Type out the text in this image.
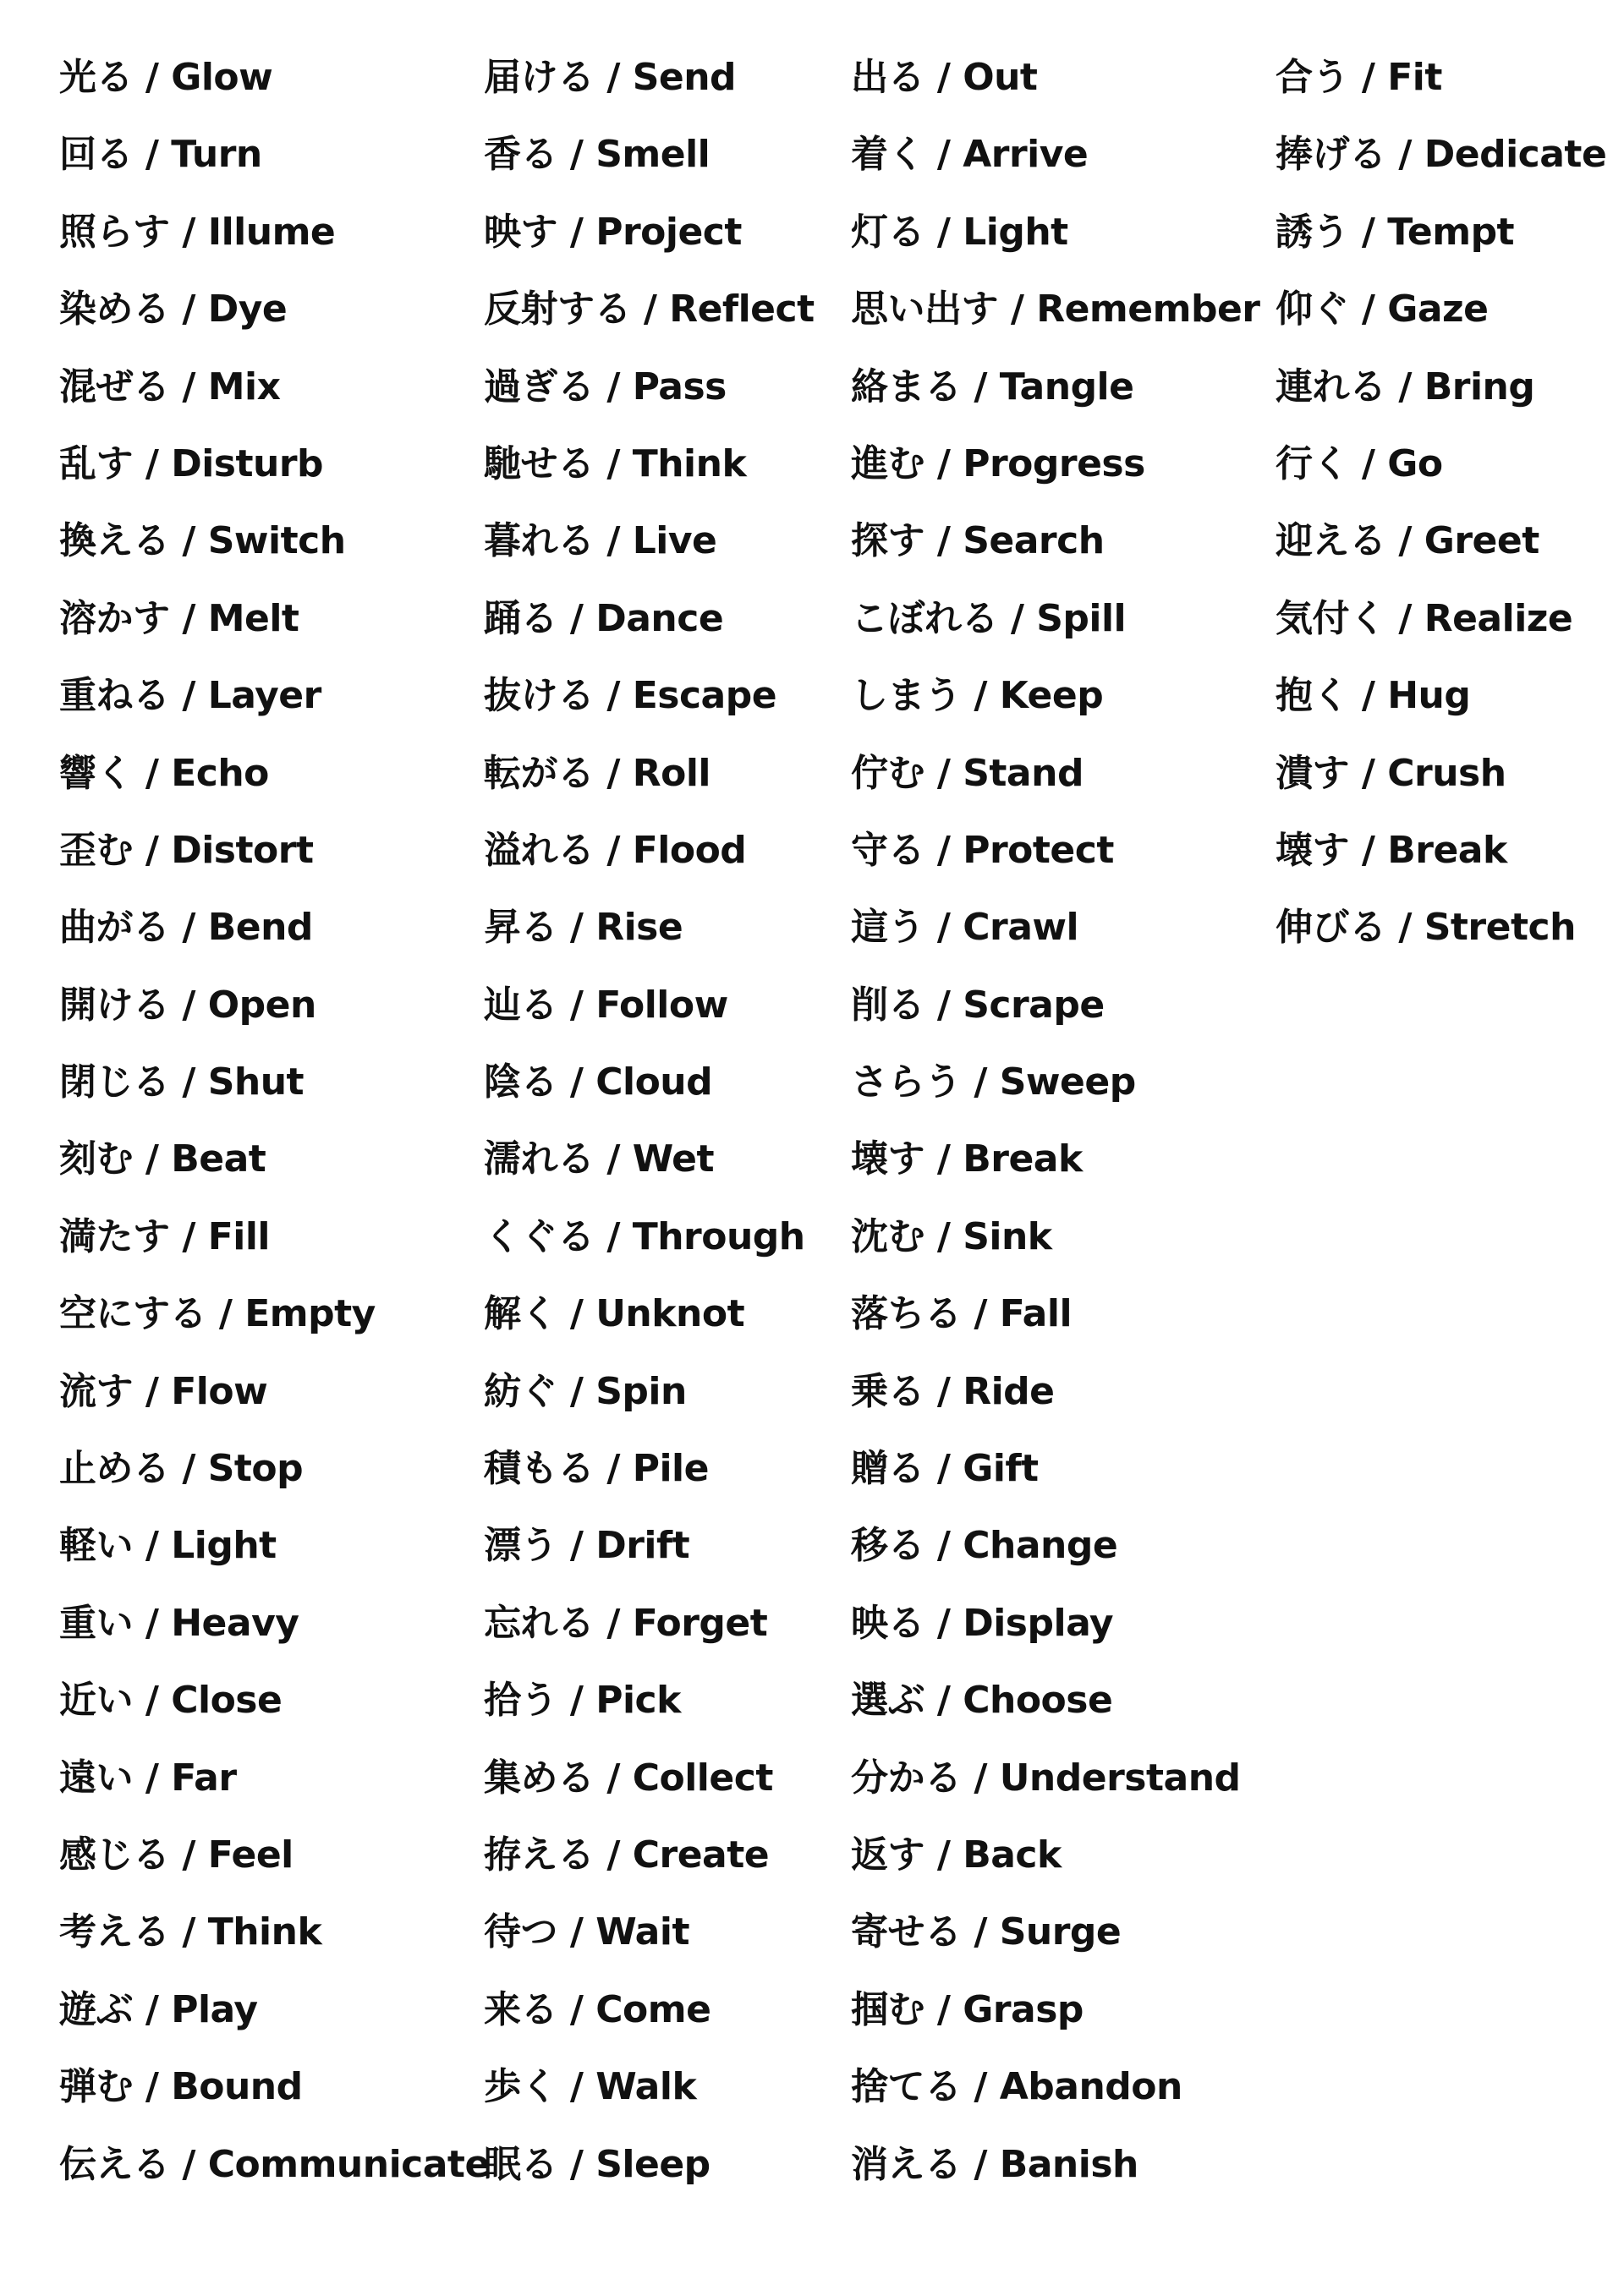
光る / Glow
回る / Turn
照らす / Illume
染める / Dye
混ぜる / Mix
乱す / Disturb
換える / Switch
溶かす / Melt
重ねる / Layer
響く / Echo
歪む / Distort
曲がる / Bend
開ける / Open
閉じる / Shut
刻む / Beat
満たす / Fill
空にする / Empty
流す / Flow
止める / Stop
軽い / Light
重い / Heavy
近い / Close
遠い / Far
感じる / Feel
考える / Think
遊ぶ / Play
弾む / Bound
伝える / Communicate
届ける / Send
香る / Smell
映す / Project
反射する / Reflect
過ぎる / Pass
馳せる / Think
暮れる / Live
踊る / Dance
抜ける / Escape
転がる / Roll
溢れる / Flood
昇る / Rise
辿る / Follow
陰る / Cloud
濡れる / Wet
くぐる / Through
解く / Unknot
紡ぐ / Spin
積もる / Pile
漂う / Drift
忘れる / Forget
拾う / Pick
集める / Collect
拵える / Create
待つ / Wait
来る / Come
歩く / Walk
眠る / Sleep
出る / Out
着く / Arrive
灯る / Light
思い出す / Remember
絡まる / Tangle
進む / Progress
探す / Search
こぼれる / Spill
しまう / Keep
佇む / Stand
守る / Protect
這う / Crawl
削る / Scrape
さらう / Sweep
壊す / Break
沈む / Sink
落ちる / Fall
乗る / Ride
贈る / Gift
移る / Change
映る / Display
選ぶ / Choose
分かる / Understand
返す / Back
寄せる / Surge
掴む / Grasp
捨てる / Abandon
消える / Banish
合う / Fit
捧げる / Dedicate
誘う / Tempt
仰ぐ / Gaze
連れる / Bring
行く / Go
迎える / Greet
気付く / Realize
抱く / Hug
潰す / Crush
壊す / Break
伸びる / Stretch
